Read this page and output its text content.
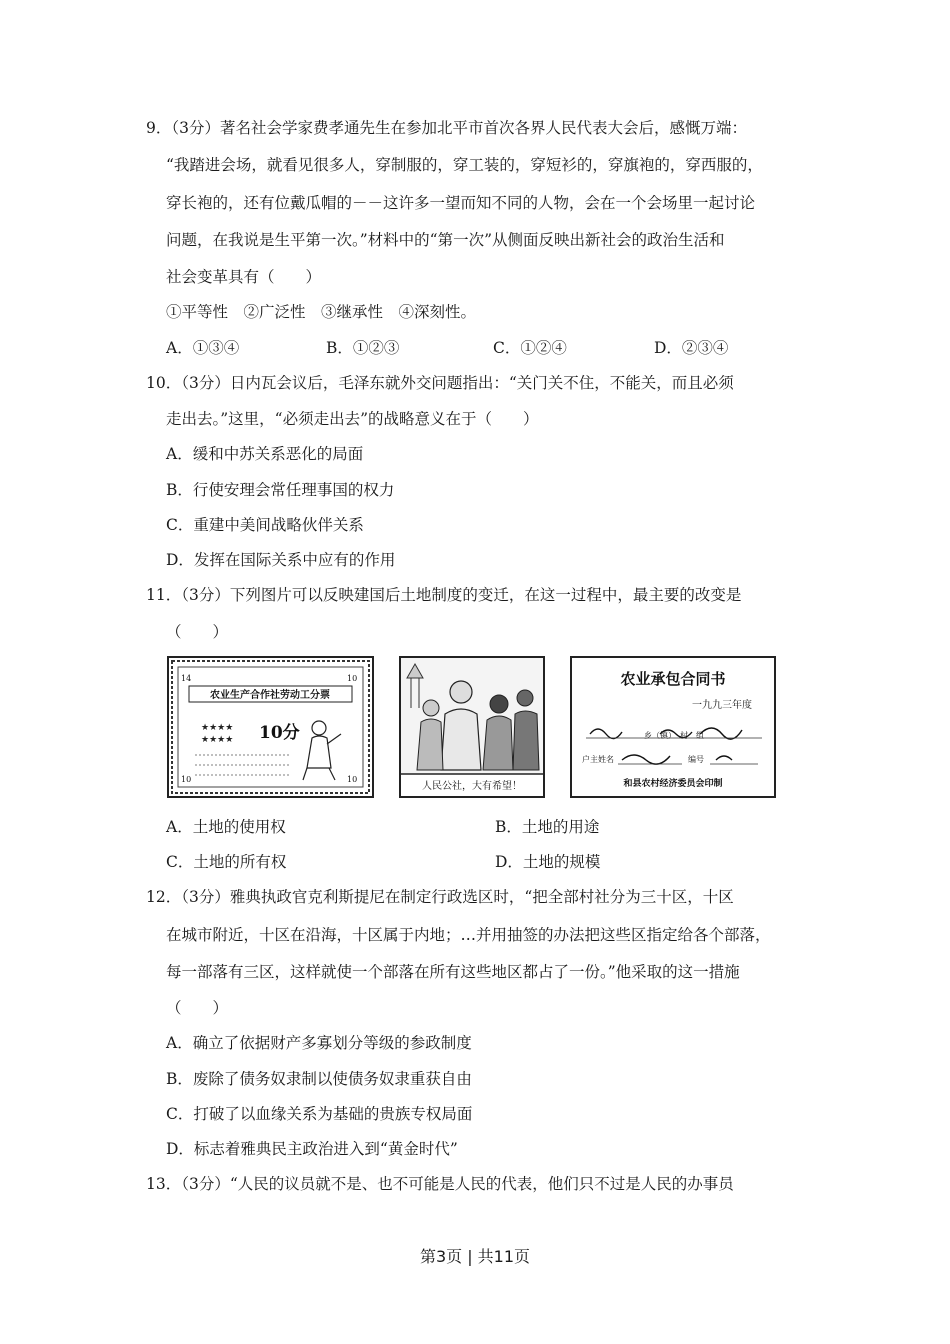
9．（3分）著名社会学家费孝通先生在参加北平市首次各界人民代表大会后，感慨万端：
“我踏进会场，就看见很多人，穿制服的，穿工装的，穿短衫的，穿旗袍的，穿西服的，
穿长袍的，还有位戴瓜帽的－－这许多一望而知不同的人物，会在一个会场里一起讨论
问题，在我说是生平第一次。”材料中的“第一次”从侧面反映出新社会的政治生活和
社会变革具有（　　）
①平等性　②广泛性　③继承性　④深刻性。
A．①③④	B．①②③	C．①②④	D．②③④
10．（3分）日内瓦会议后，毛泽东就外交问题指出：“关门关不住，不能关，而且必须
走出去。”这里，“必须走出去”的战略意义在于（　　）
A．缓和中苏关系恶化的局面
B．行使安理会常任理事国的权力
C．重建中美间战略伙伴关系
D．发挥在国际关系中应有的作用
11．（3分）下列图片可以反映建国后土地制度的变迁，在这一过程中，最主要的改变是
（　　）
14	10
农业生产合作社劳动工分票
★★★★
★★★★ 10分
10	10
人民公社，大有希望！
农业承包合同书
一九九三年度
乡（镇）　村　组
户主姓名	编号
和县农村经济委员会印制
A．土地的使用权	B．土地的用途
C．土地的所有权	D．土地的规模
12．（3分）雅典执政官克利斯提尼在制定行政选区时，“把全部村社分为三十区，十区
在城市附近，十区在沿海，十区属于内地；…并用抽签的办法把这些区指定给各个部落，
每一部落有三区，这样就使一个部落在所有这些地区都占了一份。”他采取的这一措施
（　　）
A．确立了依据财产多寡划分等级的参政制度
B．废除了债务奴隶制以使债务奴隶重获自由
C．打破了以血缘关系为基础的贵族专权局面
D．标志着雅典民主政治进入到“黄金时代”
13．（3分）“人民的议员就不是、也不可能是人民的代表，他们只不过是人民的办事员
第3页 | 共11页
